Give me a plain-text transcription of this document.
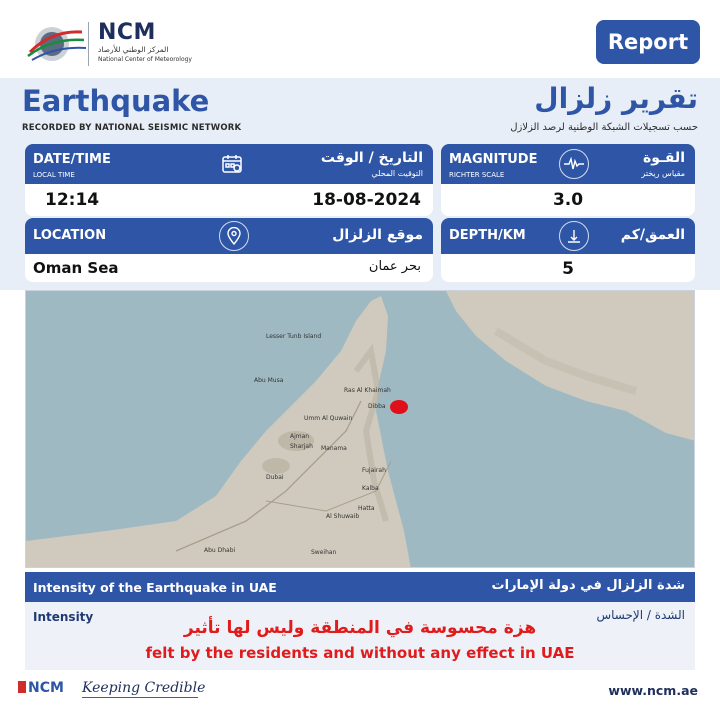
NCM
المركز الوطني للأرصاد
National Center of Meteorology
Report
Earthquake
RECORDED BY NATIONAL SEISMIC NETWORK
تقرير زلزال
حسب تسجيلات الشبكة الوطنية لرصد الزلازل
DATE/TIME
LOCAL TIME
التاريخ / الوقت
التوقيت المحلي
12:14	18-08-2024
MAGNITUDE
RICHTER SCALE
القـوة
مقياس ريختر
3.0
LOCATION	موقع الزلزال
Oman Sea	بحر عمان
DEPTH/KM	العمق/كم
5
Lesser Tunb Island
Abu Musa
Ras Al Khaimah
Umm Al Quwain
Ajman
Sharjah
Dubai
Manama
Dibba
Fujairah
Kalba
Hatta
Al Shuwaib
Sweihan
Abu Dhabi
Intensity of the Earthquake in UAE	شدة الزلزال في دولة الإمارات
Intensity	الشدة / الإحساس
هزة محسوسة في المنطقة وليس لها تأثير
felt by the residents and without any effect in UAE
NCM Keeping Credible	www.ncm.ae
